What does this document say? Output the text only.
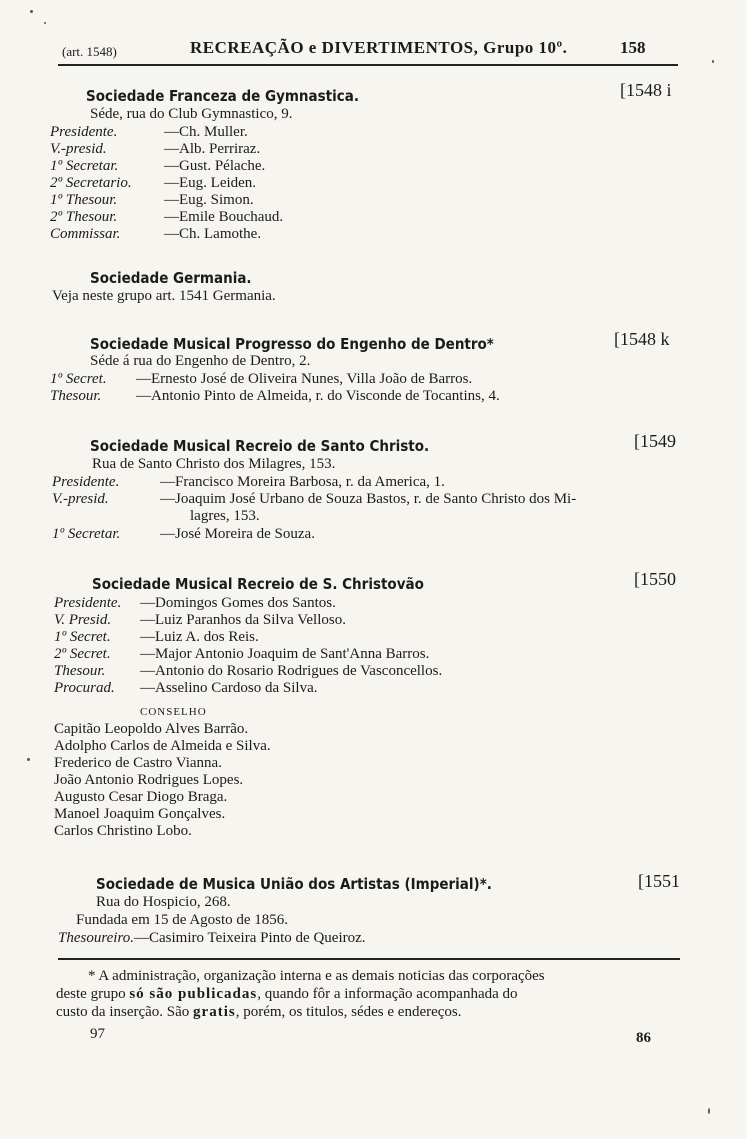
(art. 1548)	RECREAÇÃO e DIVERTIMENTOS, Grupo 10º.	158
Sociedade Franceza de Gymnastica.	[1548 i
Séde, rua do Club Gymnastico, 9.
Presidente.	—Ch. Muller.
V.-presid.	—Alb. Perriraz.
1º Secretar.	—Gust. Pélache.
2º Secretario. —Eug. Leiden.
1º Thesour.	—Eug. Simon.
2º Thesour.	—Emile Bouchaud.
Commissar.	—Ch. Lamothe.
Sociedade Germania.
Veja neste grupo art. 1541 Germania.
Sociedade Musical Progresso do Engenho de Dentro*	[1548 k
Séde á rua do Engenho de Dentro, 2.
1º Secret. —Ernesto José de Oliveira Nunes, Villa João de Barros.
Thesour. —Antonio Pinto de Almeida, r. do Visconde de Tocantins, 4.
Sociedade Musical Recreio de Santo Christo.	[1549
Rua de Santo Christo dos Milagres, 153.
Presidente.	—Francisco Moreira Barbosa, r. da America, 1.
V.-presid.	—Joaquim José Urbano de Souza Bastos, r. de Santo Christo dos Mi-
lagres, 153.
1º Secretar.	—José Moreira de Souza.
Sociedade Musical Recreio de S. Christovão	[1550
Presidente. —Domingos Gomes dos Santos.
V. Presid. —Luiz Paranhos da Silva Velloso.
1º Secret. —Luiz A. dos Reis.
2º Secret. —Major Antonio Joaquim de Sant'Anna Barros.
Thesour. —Antonio do Rosario Rodrigues de Vasconcellos.
Procurad. —Asselino Cardoso da Silva.
CONSELHO
Capitão Leopoldo Alves Barrão.
Adolpho Carlos de Almeida e Silva.
Frederico de Castro Vianna.
João Antonio Rodrigues Lopes.
Augusto Cesar Diogo Braga.
Manoel Joaquim Gonçalves.
Carlos Christino Lobo.
Sociedade de Musica União dos Artistas (Imperial)*.	[1551
Rua do Hospicio, 268.
Fundada em 15 de Agosto de 1856.
Thesoureiro.—Casimiro Teixeira Pinto de Queiroz.
* A administração, organização interna e as demais noticias das corporações
deste grupo só são publicadas, quando fôr a informação acompanhada do
custo da inserção. São gratis, porém, os titulos, sédes e endereços.
97	86
